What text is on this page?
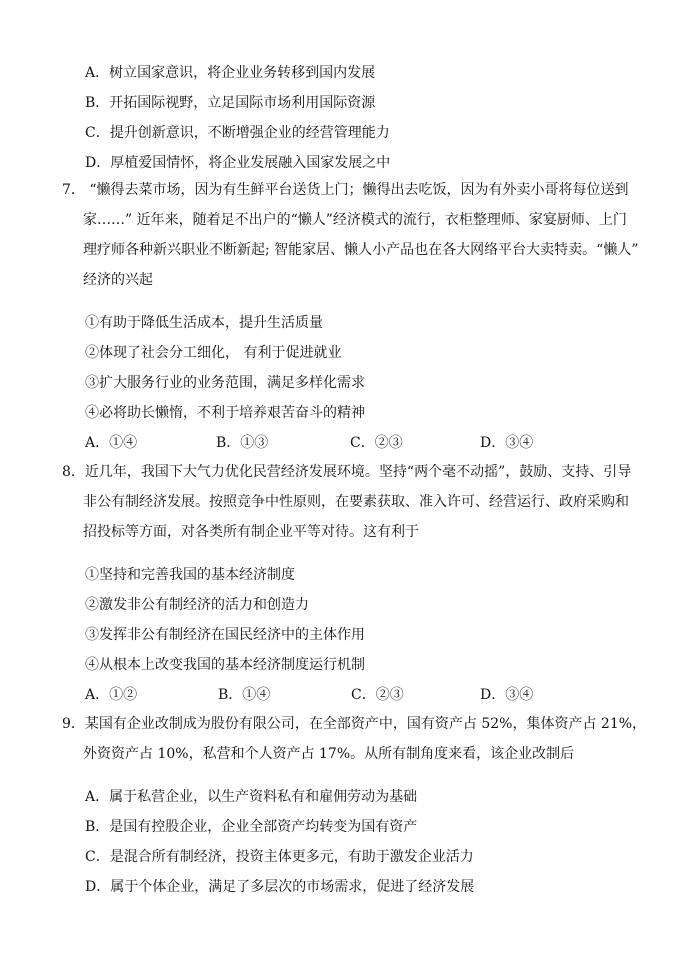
A．树立国家意识，将企业业务转移到国内发展
B．开拓国际视野，立足国际市场利用国际资源
C．提升创新意识，不断增强企业的经营管理能力
D．厚植爱国情怀，将企业发展融入国家发展之中
7． “懒得去菜市场，因为有生鲜平台送货上门；懒得出去吃饭，因为有外卖小哥将每位送到
家……” 近年来，随着足不出户的“懒人”经济模式的流行，衣柜整理师、家宴厨师、上门
理疗师各种新兴职业不断新起; 智能家居、懒人小产品也在各大网络平台大卖特卖。“懒人”
经济的兴起
①有助于降低生活成本，提升生活质量
②体现了社会分工细化， 有利于促进就业
③扩大服务行业的业务范围，满足多样化需求
④必将助长懒惰，不利于培养艰苦奋斗的精神
A．①④	B．①③	C．②③	D．③④
8．近几年，我国下大气力优化民营经济发展环境。坚持“两个毫不动摇”，鼓励、支持、引导
非公有制经济发展。按照竞争中性原则，在要素获取、准入许可、经营运行、政府采购和
招投标等方面，对各类所有制企业平等对待。这有利于
①坚持和完善我国的基本经济制度
②激发非公有制经济的活力和创造力
③发挥非公有制经济在国民经济中的主体作用
④从根本上改变我国的基本经济制度运行机制
A．①②	B．①④	C．②③	D．③④
9．某国有企业改制成为股份有限公司，在全部资产中，国有资产占 52%，集体资产占 21%，
外资资产占 10%，私营和个人资产占 17%。从所有制角度来看，该企业改制后
A．属于私营企业，以生产资料私有和雇佣劳动为基础
B．是国有控股企业，企业全部资产均转变为国有资产
C．是混合所有制经济，投资主体更多元，有助于激发企业活力
D．属于个体企业，满足了多层次的市场需求，促进了经济发展
